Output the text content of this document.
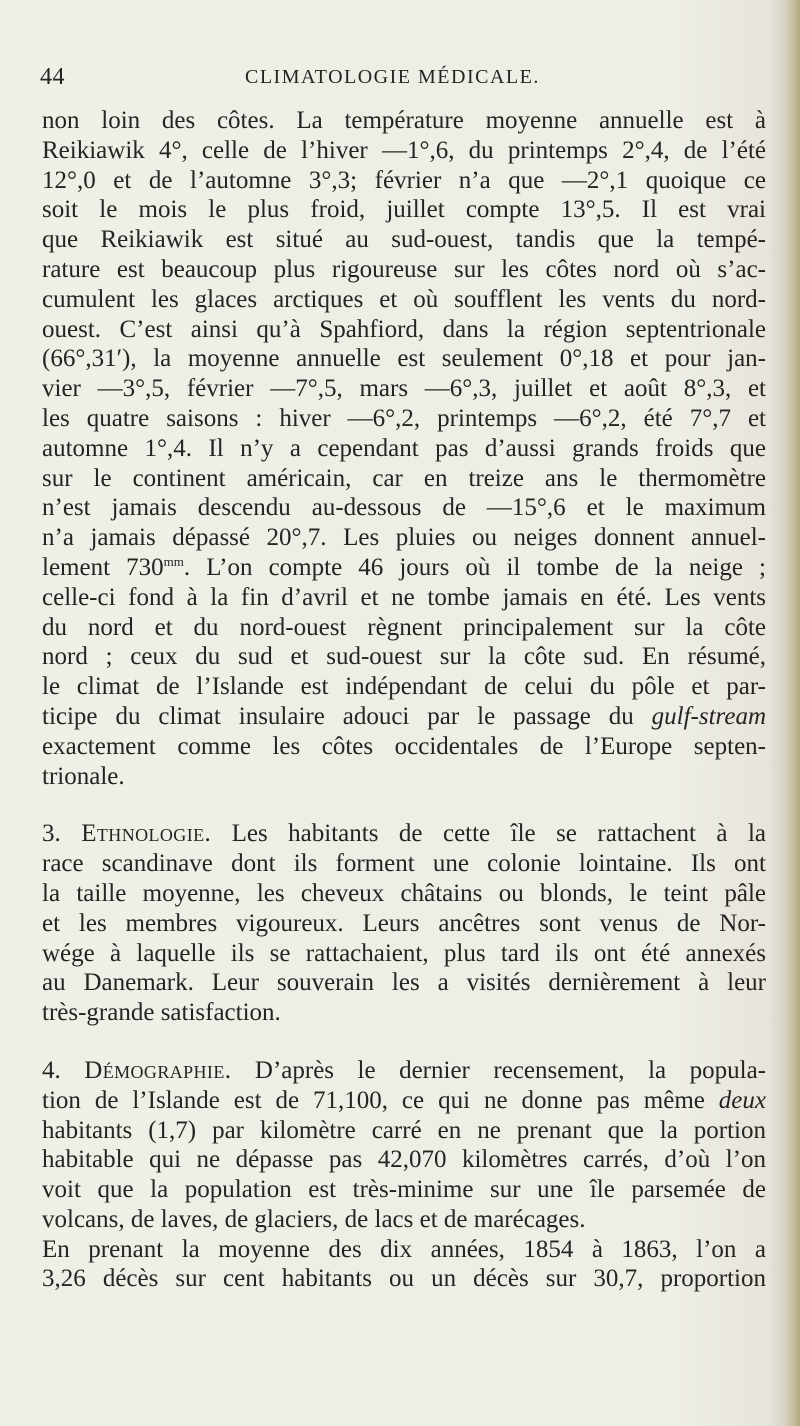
44	CLIMATOLOGIE MÉDICALE.
non loin des côtes. La température moyenne annuelle est à
Reikiawik 4°, celle de l’hiver —1°,6, du printemps 2°,4, de l’été
12°,0 et de l’automne 3°,3; février n’a que —2°,1 quoique ce
soit le mois le plus froid, juillet compte 13°,5. Il est vrai
que Reikiawik est situé au sud-ouest, tandis que la tempé-
rature est beaucoup plus rigoureuse sur les côtes nord où s’ac-
cumulent les glaces arctiques et où soufflent les vents du nord-
ouest. C’est ainsi qu’à Spahfiord, dans la région septentrionale
(66°,31′), la moyenne annuelle est seulement 0°,18 et pour jan-
vier —3°,5, février —7°,5, mars —6°,3, juillet et août 8°,3, et
les quatre saisons : hiver —6°,2, printemps —6°,2, été 7°,7 et
automne 1°,4. Il n’y a cependant pas d’aussi grands froids que
sur le continent américain, car en treize ans le thermomètre
n’est jamais descendu au-dessous de —15°,6 et le maximum
n’a jamais dépassé 20°,7. Les pluies ou neiges donnent annuel-
lement $730^{mm}$. L’on compte 46 jours où il tombe de la neige ;
celle-ci fond à la fin d’avril et ne tombe jamais en été. Les vents
du nord et du nord-ouest règnent principalement sur la côte
nord ; ceux du sud et sud-ouest sur la côte sud. En résumé,
le climat de l’Islande est indépendant de celui du pôle et par-
ticipe du climat insulaire adouci par le passage du gulf-stream
exactement comme les côtes occidentales de l’Europe septen-
trionale.
3. Ethnologie. Les habitants de cette île se rattachent à la
race scandinave dont ils forment une colonie lointaine. Ils ont
la taille moyenne, les cheveux châtains ou blonds, le teint pâle
et les membres vigoureux. Leurs ancêtres sont venus de Nor-
wége à laquelle ils se rattachaient, plus tard ils ont été annexés
au Danemark. Leur souverain les a visités dernièrement à leur
très-grande satisfaction.
4. Démographie. D’après le dernier recensement, la popula-
tion de l’Islande est de 71,100, ce qui ne donne pas même deux
habitants (1,7) par kilomètre carré en ne prenant que la portion
habitable qui ne dépasse pas 42,070 kilomètres carrés, d’où l’on
voit que la population est très-minime sur une île parsemée de
volcans, de laves, de glaciers, de lacs et de marécages.
En prenant la moyenne des dix années, 1854 à 1863, l’on a
3,26 décès sur cent habitants ou un décès sur 30,7, proportion
